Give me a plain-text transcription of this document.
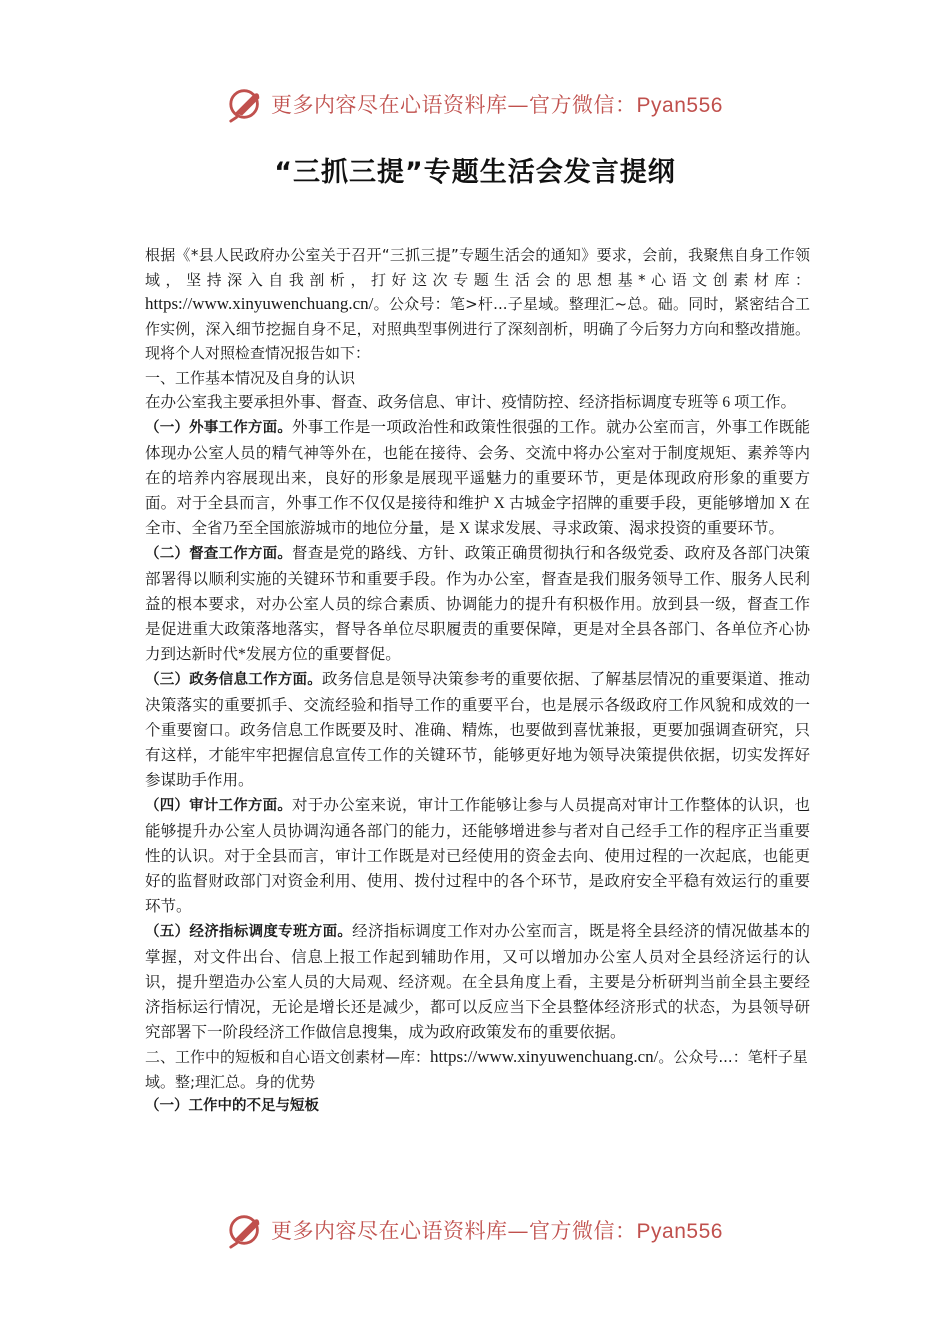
更多内容尽在心语资料库—官方微信：Pyan556
“三抓三提”专题生活会发言提纲

根据《*县人民政府办公室关于召开“三抓三提”专题生活会的通知》要求，会前，我聚焦自身工作领域，坚持深入自我剖析，打好这次专题生活会的思想基*心语文创素材库：https://www.xinyuwenchuang.cn/。公众号：笔>杆...子星域。整理汇~总。础。同时，紧密结合工作实例，深入细节挖掘自身不足，对照典型事例进行了深刻剖析，明确了今后努力方向和整改措施。现将个人对照检查情况报告如下：

一、工作基本情况及自身的认识

在办公室我主要承担外事、督查、政务信息、审计、疫情防控、经济指标调度专班等 6 项工作。

（一）外事工作方面。外事工作是一项政治性和政策性很强的工作。就办公室而言，外事工作既能体现办公室人员的精气神等外在，也能在接待、会务、交流中将办公室对于制度规矩、素养等内在的培养内容展现出来，良好的形象是展现平遥魅力的重要环节，更是体现政府形象的重要方面。对于全县而言，外事工作不仅仅是接待和维护 X 古城金字招牌的重要手段，更能够增加 X 在全市、全省乃至全国旅游城市的地位分量，是 X 谋求发展、寻求政策、渴求投资的重要环节。

（二）督查工作方面。督查是党的路线、方针、政策正确贯彻执行和各级党委、政府及各部门决策部署得以顺利实施的关键环节和重要手段。作为办公室，督查是我们服务领导工作、服务人民利益的根本要求，对办公室人员的综合素质、协调能力的提升有积极作用。放到县一级，督查工作是促进重大政策落地落实，督导各单位尽职履责的重要保障，更是对全县各部门、各单位齐心协力到达新时代*发展方位的重要督促。

（三）政务信息工作方面。政务信息是领导决策参考的重要依据、了解基层情况的重要渠道、推动决策落实的重要抓手、交流经验和指导工作的重要平台，也是展示各级政府工作风貌和成效的一个重要窗口。政务信息工作既要及时、准确、精炼，也要做到喜忧兼报，更要加强调查研究，只有这样，才能牢牢把握信息宣传工作的关键环节，能够更好地为领导决策提供依据，切实发挥好参谋助手作用。

（四）审计工作方面。对于办公室来说，审计工作能够让参与人员提高对审计工作整体的认识，也能够提升办公室人员协调沟通各部门的能力，还能够增进参与者对自己经手工作的程序正当重要性的认识。对于全县而言，审计工作既是对已经使用的资金去向、使用过程的一次起底，也能更好的监督财政部门对资金利用、使用、拨付过程中的各个环节，是政府安全平稳有效运行的重要环节。

（五）经济指标调度专班方面。经济指标调度工作对办公室而言，既是将全县经济的情况做基本的掌握，对文件出台、信息上报工作起到辅助作用，又可以增加办公室人员对全县经济运行的认识，提升塑造办公室人员的大局观、经济观。在全县角度上看，主要是分析研判当前全县主要经济指标运行情况，无论是增长还是减少，都可以反应当下全县整体经济形式的状态，为县领导研究部署下一阶段经济工作做信息搜集，成为政府政策发布的重要依据。

二、工作中的短板和自心语文创素材—库：https://www.xinyuwenchuang.cn/。公众号...：笔杆子星域。整;理汇总。身的优势

（一）工作中的不足与短板

更多内容尽在心语资料库—官方微信：Pyan556
